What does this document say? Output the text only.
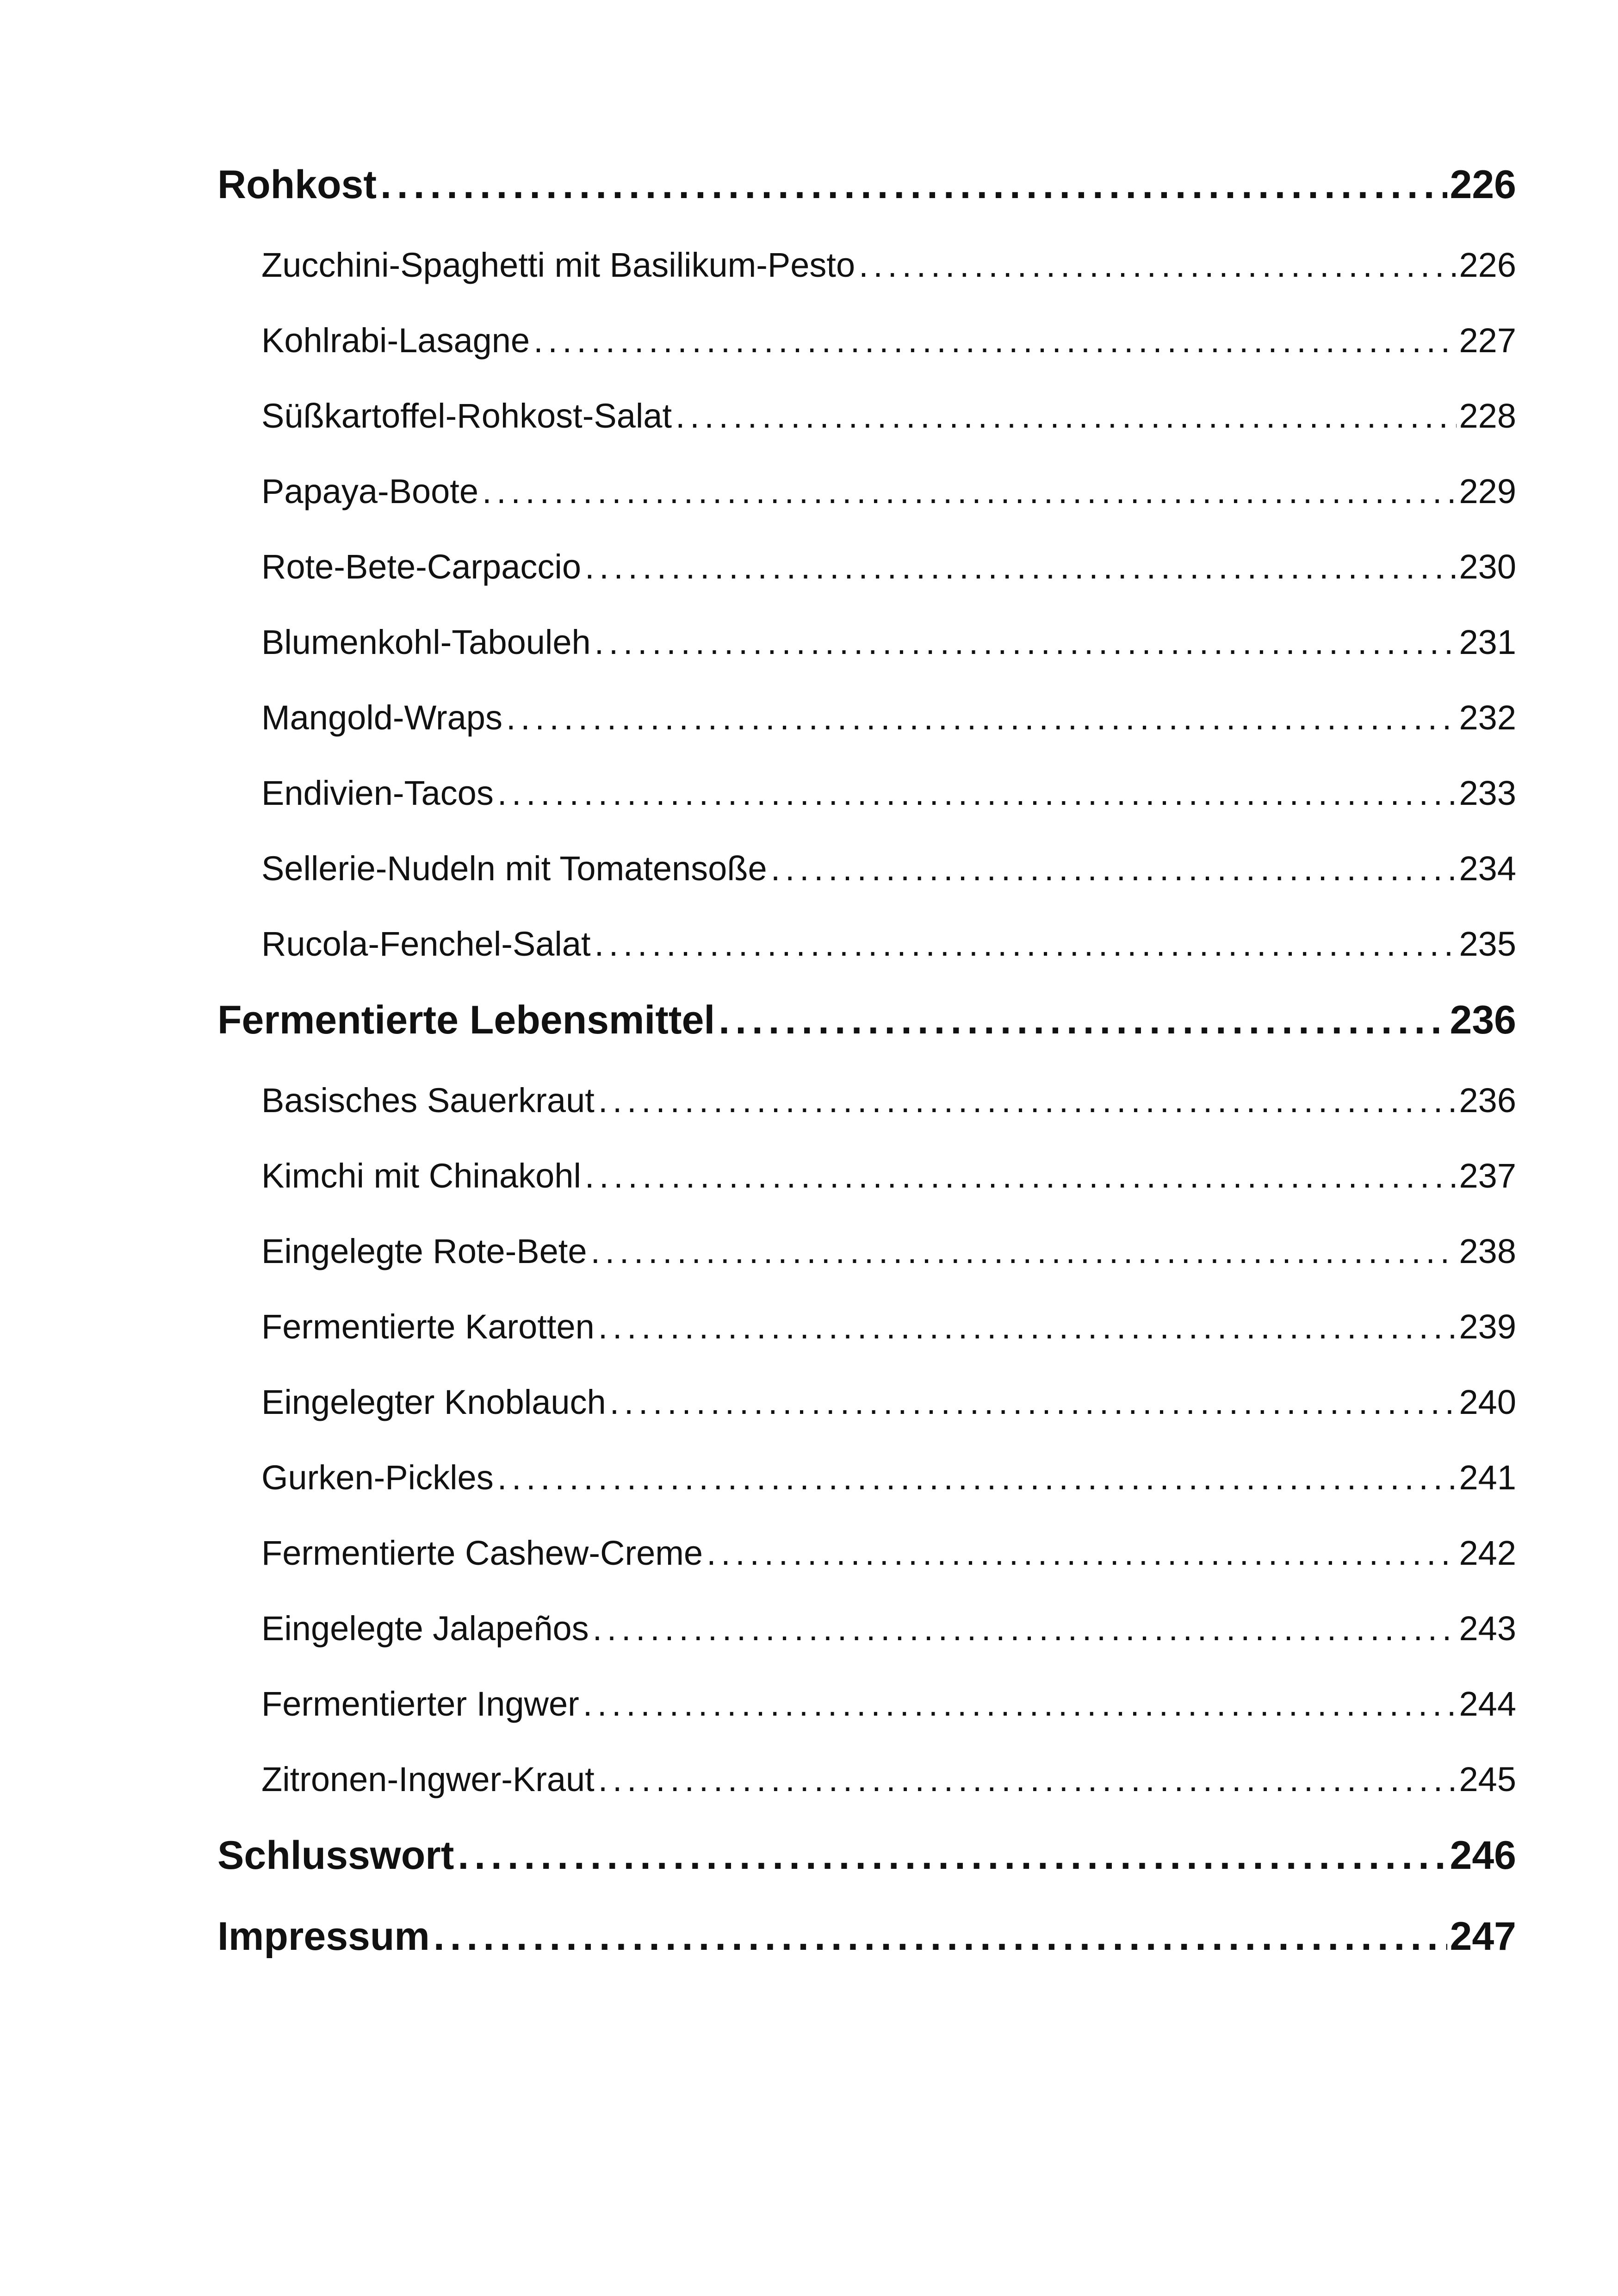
Rohkost . . .	226
Zucchini-Spaghetti mit Basilikum-Pesto . . .	226
Kohlrabi-Lasagne . . .	227
Süßkartoffel-Rohkost-Salat . . .	228
Papaya-Boote . . .	229
Rote-Bete-Carpaccio . . .	230
Blumenkohl-Tabouleh . . .	231
Mangold-Wraps . . .	232
Endivien-Tacos . . .	233
Sellerie-Nudeln mit Tomatensoße . . .	234
Rucola-Fenchel-Salat . . .	235
Fermentierte Lebensmittel . . .	236
Basisches Sauerkraut . . .	236
Kimchi mit Chinakohl . . .	237
Eingelegte Rote-Bete . . .	238
Fermentierte Karotten . . .	239
Eingelegter Knoblauch . . .	240
Gurken-Pickles . . .	241
Fermentierte Cashew-Creme . . .	242
Eingelegte Jalapeños . . .	243
Fermentierter Ingwer . . .	244
Zitronen-Ingwer-Kraut . . .	245
Schlusswort . . .	246
Impressum . . .	247
